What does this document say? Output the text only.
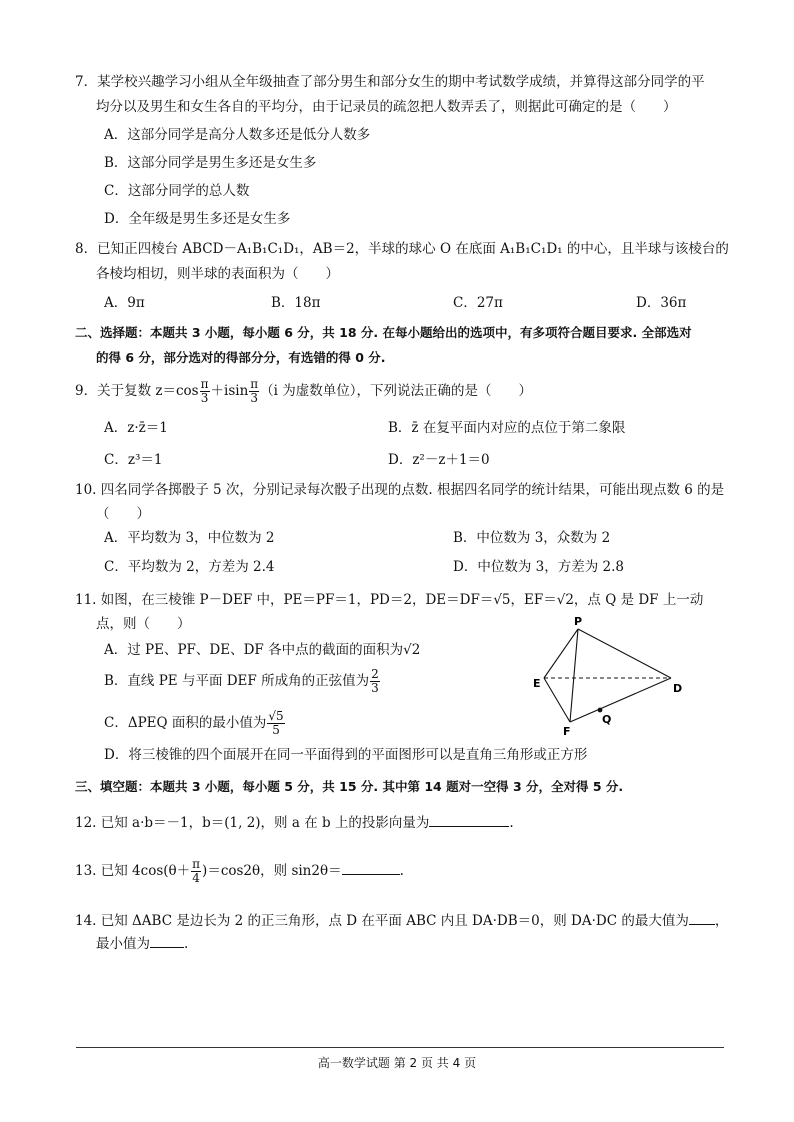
7．某学校兴趣学习小组从全年级抽查了部分男生和部分女生的期中考试数学成绩，并算得这部分同学的平
均分以及男生和女生各自的平均分，由于记录员的疏忽把人数弄丢了，则据此可确定的是（　　）
A．这部分同学是高分人数多还是低分人数多
B．这部分同学是男生多还是女生多
C．这部分同学的总人数
D．全年级是男生多还是女生多
8．已知正四棱台 ABCD－A₁B₁C₁D₁，AB＝2，半球的球心 O 在底面 A₁B₁C₁D₁ 的中心，且半球与该棱台的
各棱均相切，则半球的表面积为（　　）
A．9π	B．18π	C．27π	D．36π
二、选择题：本题共 3 小题，每小题 6 分，共 18 分. 在每小题给出的选项中，有多项符合题目要求. 全部选对
的得 6 分，部分选对的得部分分，有选错的得 0 分.
9．关于复数 $z=\cos \frac{\pi}{3} +isin \frac{\pi}{3} (i$ 为虚数单位），下列说法正确的是（　　）
A．z·z̄＝1	B．z̄ 在复平面内对应的点位于第二象限
C．z³＝1	D．z²－z＋1＝0
10. 四名同学各掷骰子 5 次，分别记录每次骰子出现的点数. 根据四名同学的统计结果，可能出现点数 6 的是
（　　）
A．平均数为 3，中位数为 2	B．中位数为 3，众数为 2
C．平均数为 2，方差为 2.4	D．中位数为 3，方差为 2.8
11. 如图，在三棱锥 P－DEF 中，PE＝PF＝1，PD＝2，DE＝DF＝√5，EF＝√2，点 Q 是 DF 上一动
点，则（　　）
A．过 PE、PF、DE、DF 各中点的截面的面积为√2
B．直线 PE 与平面 DEF 所成角的正弦值为 $\frac{2}{3}$
C．ΔPEQ 面积的最小值为 $\frac{√5}{5}$
D．将三棱锥的四个面展开在同一平面得到的平面图形可以是直角三角形或正方形
P
E	D
F
Q
三、填空题：本题共 3 小题，每小题 5 分，共 15 分. 其中第 14 题对一空得 3 分，全对得 5 分.
12. 已知 a·b＝－1，b＝(1, 2)，则 a 在 b 上的投影向量为	.
13. 已知 $4\cos(\theta+ \frac{\pi}{4} )=\cos 2\theta$，则 sin2θ＝	.
14. 已知 ΔABC 是边长为 2 的正三角形，点 D 在平面 ABC 内且 DA·DB＝0，则 DA·DC 的最大值为 ，
最小值为	.
高一数学试题 第 2 页 共 4 页
